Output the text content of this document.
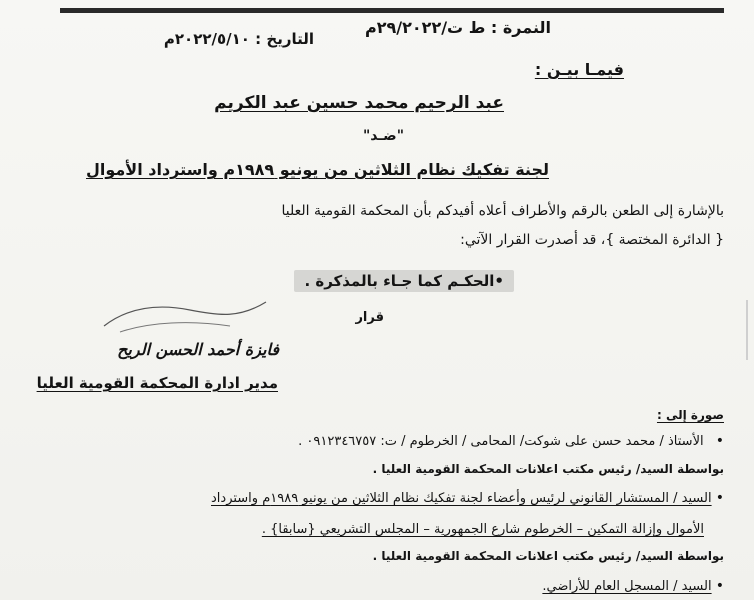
النمرة : ط ت/٢٩/٢٠٢٢م
التاريخ : ٢٠٢٢/٥/١٠م
فيمـا بيـن :
عبد الرحيم محمد حسين عبد الكريم
"ضـد"
لجنة تفكيك نظام الثلاثين من يونيو ١٩٨٩م واسترداد الأموال
بالإشارة إلى الطعن بالرقم والأطراف أعلاه أفيدكم بأن المحكمة القومية العليا
{ الدائرة المختصة }، قد أصدرت القرار الآتي:
•الحكـم كما جـاء بالمذكرة .
قرار
فايزة أحمد الحسن الريح
مدير ادارة المحكمة القومية العليا
صورة إلى :
• الأستاذ / محمد حسن على شوكت/ المحامى / الخرطوم / ت: ٠٩١٢٣٤٦٧٥٧ .
بواسطة السيد/ رئيس مكتب اعلانات المحكمة القومية العليا .
• السيد / المستشار القانوني لرئيس وأعضاء لجنة تفكيك نظام الثلاثين من يونيو ١٩٨٩م واسترداد
الأموال وإزالة التمكين – الخرطوم شارع الجمهورية – المجلس التشريعي {سابقا} .
بواسطة السيد/ رئيس مكتب اعلانات المحكمة القومية العليا .
• السيد / المسجل العام للأراضي.
